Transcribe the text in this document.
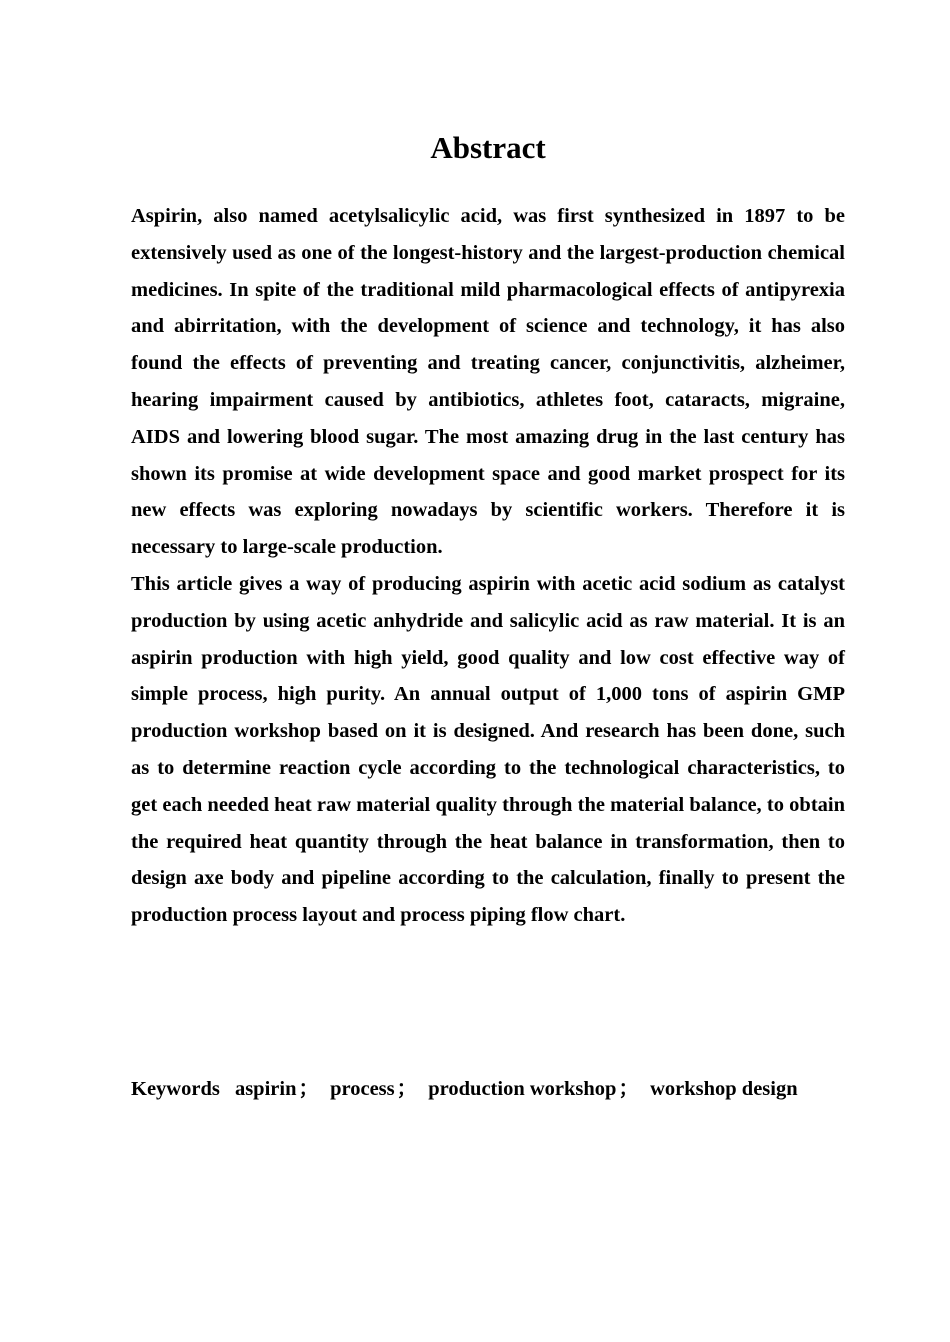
Abstract

Aspirin, also named acetylsalicylic acid, was first synthesized in 1897 to be extensively used as one of the longest-history and the largest-production chemical medicines. In spite of the traditional mild pharmacological effects of antipyrexia and abirritation, with the development of science and technology, it has also found the effects of preventing and treating cancer, conjunctivitis, alzheimer, hearing impairment caused by antibiotics, athletes foot, cataracts, migraine, AIDS and lowering blood sugar. The most amazing drug in the last century has shown its promise at wide development space and good market prospect for its new effects was exploring nowadays by scientific workers. Therefore it is necessary to large-scale production.

This article gives a way of producing aspirin with acetic acid sodium as catalyst production by using acetic anhydride and salicylic acid as raw material. It is an aspirin production with high yield, good quality and low cost effective way of simple process, high purity. An annual output of 1,000 tons of aspirin GMP production workshop based on it is designed. And research has been done, such as to determine reaction cycle according to the technological characteristics, to get each needed heat raw material quality through the material balance, to obtain the required heat quantity through the heat balance in transformation, then to design axe body and pipeline according to the calculation, finally to present the production process layout and process piping flow chart.

Keywords aspirin； process； production workshop； workshop design
